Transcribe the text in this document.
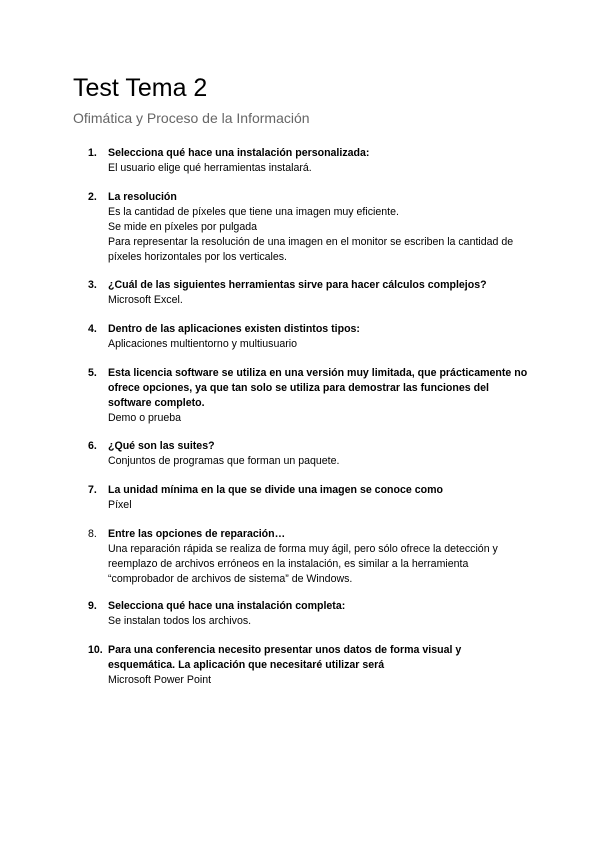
Test Tema 2
Ofimática y Proceso de la Información
1. Selecciona qué hace una instalación personalizada:
El usuario elige qué herramientas instalará.
2. La resolución
Es la cantidad de píxeles que tiene una imagen muy eficiente.
Se mide en píxeles por pulgada
Para representar la resolución de una imagen en el monitor se escriben la cantidad de píxeles horizontales por los verticales.
3. ¿Cuál de las siguientes herramientas sirve para hacer cálculos complejos?
Microsoft Excel.
4. Dentro de las aplicaciones existen distintos tipos:
Aplicaciones multientorno y multiusuario
5. Esta licencia software se utiliza en una versión muy limitada, que prácticamente no ofrece opciones, ya que tan solo se utiliza para demostrar las funciones del software completo.
Demo o prueba
6. ¿Qué son las suites?
Conjuntos de programas que forman un paquete.
7. La unidad mínima en la que se divide una imagen se conoce como
Píxel
8. Entre las opciones de reparación…
Una reparación rápida se realiza de forma muy ágil, pero sólo ofrece la detección y reemplazo de archivos erróneos en la instalación, es similar a la herramienta “comprobador de archivos de sistema” de Windows.
9. Selecciona qué hace una instalación completa:
Se instalan todos los archivos.
10. Para una conferencia necesito presentar unos datos de forma visual y esquemática. La aplicación que necesitaré utilizar será
Microsoft Power Point
